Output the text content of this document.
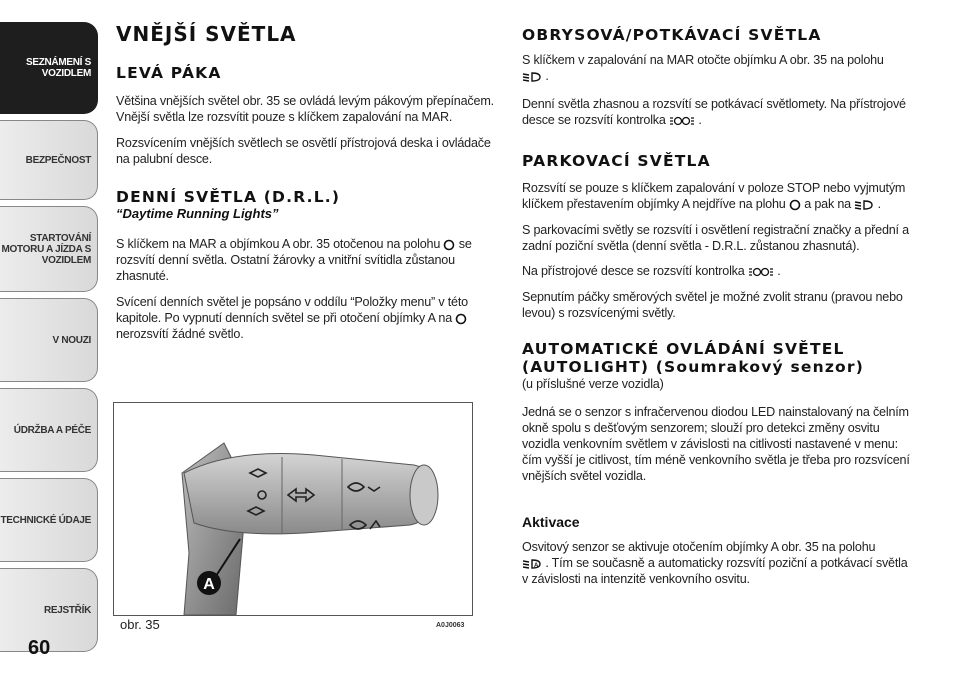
SEZNÁMENÍ S VOZIDLEM
BEZPEČNOST
STARTOVÁNÍ MOTORU A JÍZDA S VOZIDLEM
V NOUZI
ÚDRŽBA A PÉČE
TECHNICKÉ ÚDAJE
REJSTŘÍK
60
VNĚJŠÍ SVĚTLA
LEVÁ PÁKA

Většina vnějších světel obr. 35 se ovládá levým pákovým přepínačem. Vnější světla lze rozsvítit pouze s klíčkem zapalování na MAR.

Rozsvícením vnějších světlech se osvětlí přístrojová deska i ovládače na palubní desce.

DENNÍ SVĚTLA (D.R.L.)
“Daytime Running Lights”

S klíčkem na MAR a objímkou A obr. 35 otočenou na polohu se rozsvítí denní světla. Ostatní žárovky a vnitřní svítidla zůstanou zhasnuté.

Svícení denních světel je popsáno v oddílu “Položky menu” v této kapitole. Po vypnutí denních světel se při otočení objímky A na  nerozsvítí žádné světlo.

A
obr. 35	A0J0063
OBRYSOVÁ/POTKÁVACÍ SVĚTLA

S klíčkem v zapalování na MAR otočte objímku A obr. 35 na polohu
.

Denní světla zhasnou a rozsvítí se potkávací světlomety. Na přístrojové desce se rozsvítí kontrolka	.

PARKOVACÍ SVĚTLA

Rozsvítí se pouze s klíčkem zapalování v poloze STOP nebo vyjmutým klíčkem přestavením objímky A nejdříve na plohu a pak na .

S parkovacími světly se rozsvítí i osvětlení registrační značky a přední a zadní poziční světla (denní světla - D.R.L. zůstanou zhasnutá).

Na přístrojové desce se rozsvítí kontrolka	.

Sepnutím páčky směrových světel je možné zvolit stranu (pravou nebo levou) s rozsvícenými světly.

AUTOMATICKÉ OVLÁDÁNÍ SVĚTEL
(AUTOLIGHT) (Soumrakový senzor)

(u příslušné verze vozidla)

Jedná se o senzor s infračervenou diodou LED nainstalovaný na čelním okně spolu s dešťovým senzorem; slouží pro detekci změny osvitu vozidla venkovním světlem v závislosti na citlivosti nastavené v menu: čím vyšší je citlivost, tím méně venkovního světla je třeba pro rozsvícení vnějších světel vozidla.

Aktivace

Osvitový senzor se aktivuje otočením objímky A obr. 35 na polohu

A . Tím se současně a automaticky rozsvítí poziční a potkávací světla v závislosti na intenzitě venkovního osvitu.
